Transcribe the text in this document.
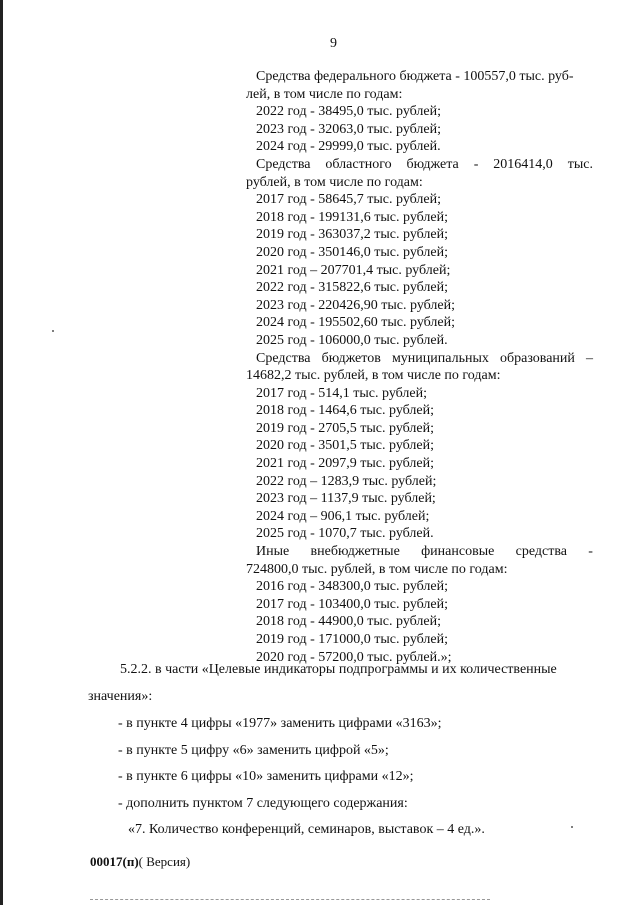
9
Средства федерального бюджета - 100557,0 тыс. руб-
лей, в том числе по годам:
2022 год - 38495,0 тыс. рублей;
2023 год - 32063,0 тыс. рублей;
2024 год - 29999,0 тыс. рублей.
Средства областного бюджета - 2016414,0 тыс.
рублей, в том числе по годам:
2017 год - 58645,7 тыс. рублей;
2018 год - 199131,6 тыс. рублей;
2019 год - 363037,2 тыс. рублей;
2020 год - 350146,0 тыс. рублей;
2021 год – 207701,4 тыс. рублей;
2022 год - 315822,6 тыс. рублей;
2023 год - 220426,90 тыс. рублей;
2024 год - 195502,60 тыс. рублей;
2025 год - 106000,0 тыс. рублей.
Средства бюджетов муниципальных образований –
14682,2 тыс. рублей, в том числе по годам:
2017 год - 514,1 тыс. рублей;
2018 год - 1464,6 тыс. рублей;
2019 год - 2705,5 тыс. рублей;
2020 год - 3501,5 тыс. рублей;
2021 год - 2097,9 тыс. рублей;
2022 год – 1283,9 тыс. рублей;
2023 год – 1137,9 тыс. рублей;
2024 год – 906,1 тыс. рублей;
2025 год - 1070,7 тыс. рублей.
Иные внебюджетные финансовые средства -
724800,0 тыс. рублей, в том числе по годам:
2016 год - 348300,0 тыс. рублей;
2017 год - 103400,0 тыс. рублей;
2018 год - 44900,0 тыс. рублей;
2019 год - 171000,0 тыс. рублей;
2020 год - 57200,0 тыс. рублей.»;
5.2.2. в части «Целевые индикаторы подпрограммы и их количественные
значения»:
- в пункте 4 цифры «1977» заменить цифрами «3163»;
- в пункте 5 цифру «6» заменить цифрой «5»;
- в пункте 6 цифры «10» заменить цифрами «12»;
- дополнить пунктом 7 следующего содержания:
«7. Количество конференций, семинаров, выставок – 4 ед.».
00017(п)( Версия)
